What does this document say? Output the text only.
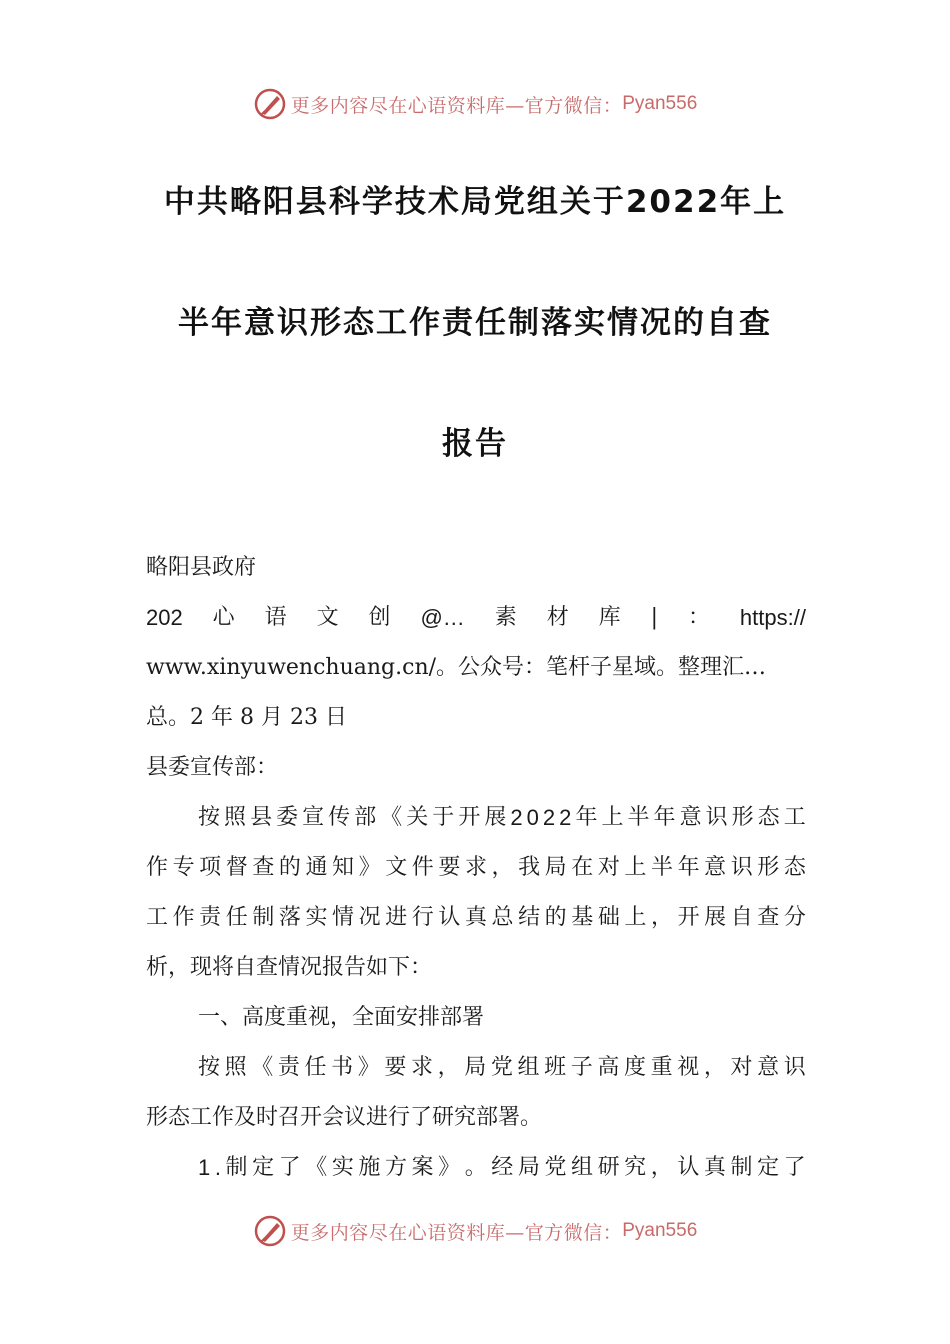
更多内容尽在心语资料库—官方微信： Pyan556
中共略阳县科学技术局党组关于2022年上
半年意识形态工作责任制落实情况的自查
报告
略阳县政府
202 心 语 文 创 @… 素 材 库 | ： https://
www.xinyuwenchuang.cn/。公众号：笔杆子星域。整理汇…
总。2 年 8 月 23 日
县委宣传部：
按 照 县 委 宣 传 部 《 关 于 开 展 2 0 2 2 年 上 半 年 意 识 形 态 工
作 专 项 督 查 的 通 知 》 文 件 要 求 ， 我 局 在 对 上 半 年 意 识 形 态
工 作 责 任 制 落 实 情 况 进 行 认 真 总 结 的 基 础 上 ， 开 展 自 查 分
析，现将自查情况报告如下：
一、高度重视，全面安排部署
按 照 《 责 任 书 》 要 求 ， 局 党 组 班 子 高 度 重 视 ， 对 意 识
形态工作及时召开会议进行了研究部署。
1 . 制 定 了 《 实 施 方 案 》 。 经 局 党 组 研 究 ， 认 真 制 定 了
更多内容尽在心语资料库—官方微信： Pyan556
